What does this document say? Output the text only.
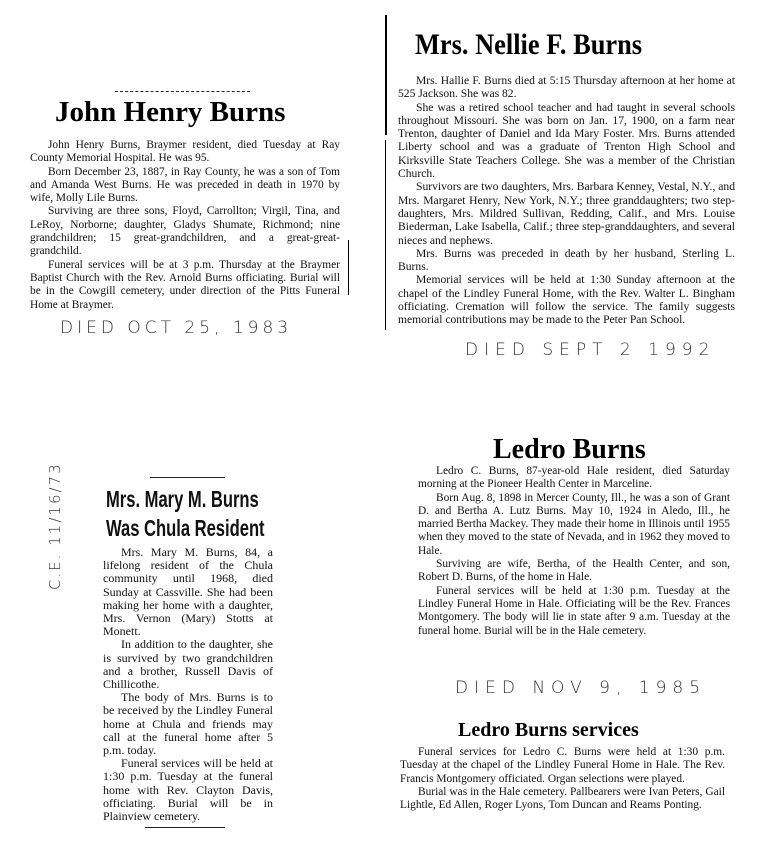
John Henry Burns

John Henry Burns, Braymer resident, died Tuesday at Ray County Memorial Hospital. He was 95.

Born December 23, 1887, in Ray County, he was a son of Tom and Amanda West Burns. He was preceded in death in 1970 by wife, Molly Lile Burns.

Surviving are three sons, Floyd, Carrollton; Virgil, Tina, and LeRoy, Norborne; daughter, Gladys Shumate, Richmond; nine grandchildren; 15 great-grandchildren, and a great-great-grandchild.

Funeral services will be at 3 p.m. Thursday at the Braymer Baptist Church with the Rev. Arnold Burns officiating. Burial will be in the Cowgill cemetery, under direction of the Pitts Funeral Home at Braymer.

DIED OCT 25, 1983
Mrs. Nellie F. Burns

Mrs. Hallie F. Burns died at 5:15 Thursday afternoon at her home at 525 Jackson. She was 82.

She was a retired school teacher and had taught in several schools throughout Missouri. She was born on Jan. 17, 1900, on a farm near Trenton, daughter of Daniel and Ida Mary Foster. Mrs. Burns attended Liberty school and was a graduate of Trenton High School and Kirksville State Teachers College. She was a member of the Christian Church.

Survivors are two daughters, Mrs. Barbara Kenney, Vestal, N.Y., and Mrs. Margaret Henry, New York, N.Y.; three granddaughters; two step-daughters, Mrs. Mildred Sullivan, Redding, Calif., and Mrs. Louise Biederman, Lake Isabella, Calif.; three step-granddaughters, and several nieces and nephews.

Mrs. Burns was preceded in death by her husband, Sterling L. Burns.

Memorial services will be held at 1:30 Sunday afternoon at the chapel of the Lindley Funeral Home, with the Rev. Walter L. Bingham officiating. Cremation will follow the service. The family suggests memorial contributions may be made to the Peter Pan School.

DIED SEPT 2 1992
C.E. 11/16/73 Mrs. Mary M. Burns
Was Chula Resident

Mrs. Mary M. Burns, 84, a lifelong resident of the Chula community until 1968, died Sunday at Cassville. She had been making her home with a daughter, Mrs. Vernon (Mary) Stotts at Monett.

In addition to the daughter, she is survived by two grandchildren and a brother, Russell Davis of Chillicothe.

The body of Mrs. Burns is to be received by the Lindley Funeral home at Chula and friends may call at the funeral home after 5 p.m. today.

Funeral services will be held at 1:30 p.m. Tuesday at the funeral home with Rev. Clayton Davis, officiating. Burial will be in Plainview cemetery.

Ledro Burns

Ledro C. Burns, 87-year-old Hale resident, died Saturday morning at the Pioneer Health Center in Marceline.

Born Aug. 8, 1898 in Mercer County, Ill., he was a son of Grant D. and Bertha A. Lutz Burns. May 10, 1924 in Aledo, Ill., he married Bertha Mackey. They made their home in Illinois until 1955 when they moved to the state of Nevada, and in 1962 they moved to Hale.

Surviving are wife, Bertha, of the Health Center, and son, Robert D. Burns, of the home in Hale.

Funeral services will be held at 1:30 p.m. Tuesday at the Lindley Funeral Home in Hale. Officiating will be the Rev. Frances Montgomery. The body will lie in state after 9 a.m. Tuesday at the funeral home. Burial will be in the Hale cemetery.

DIED NOV 9, 1985
Ledro Burns services

Funeral services for Ledro C. Burns were held at 1:30 p.m. Tuesday at the chapel of the Lindley Funeral Home in Hale. The Rev. Francis Montgomery officiated. Organ selections were played.

Burial was in the Hale cemetery. Pallbearers were Ivan Peters, Gail Lightle, Ed Allen, Roger Lyons, Tom Duncan and Reams Ponting.
